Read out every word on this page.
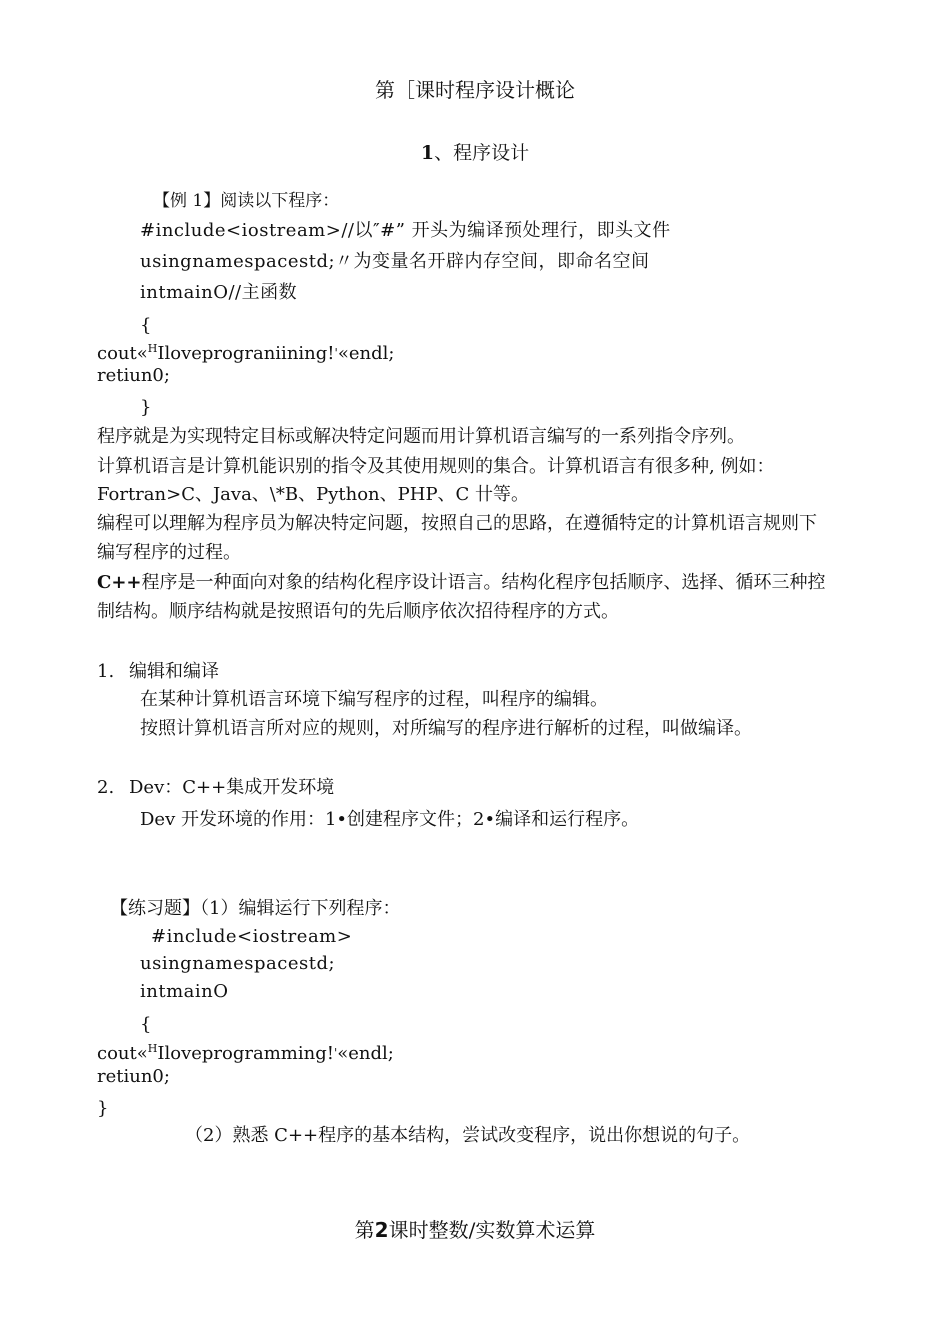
第［课时程序设计概论
1、程序设计
【例 1】阅读以下程序：
#include<iostream>//以″#” 开头为编译预处理行，即头文件
usingnamespacestd;〃为变量名开辟内存空间，即命名空间
intmainO//主函数
{
cout«$^H$Iloveprograniining!'«endl;
retiun0;
}
程序就是为实现特定目标或解决特定问题而用计算机语言编写的一系列指令序列。
计算机语言是计算机能识别的指令及其使用规则的集合。计算机语言有很多种, 例如：
Fortran>C、Java、\*B、Python、PHP、C 卄等。
编程可以理解为程序员为解决特定问题，按照自己的思路，在遵循特定的计算机语言规则下
编写程序的过程。
C++程序是一种面向对象的结构化程序设计语言。结构化程序包括顺序、选择、循环三种控
制结构。顺序结构就是按照语句的先后顺序依次招待程序的方式。
1. 编辑和编译
在某种计算机语言环境下编写程序的过程，叫程序的编辑。
按照计算机语言所对应的规则，对所编写的程序进行解析的过程，叫做编译。
2. Dev：C++集成开发环境
Dev 开发环境的作用：1•创建程序文件；2•编译和运行程序。
【练习题】（1）编辑运行下列程序：
#include<iostream>
usingnamespacestd;
intmainO
{
cout«$^H$Iloveprogramming!'«endl;
retiun0;
}
（2）熟悉 C++程序的基本结构，尝试改变程序，说出你想说的句子。
第2课时整数/实数算术运算
